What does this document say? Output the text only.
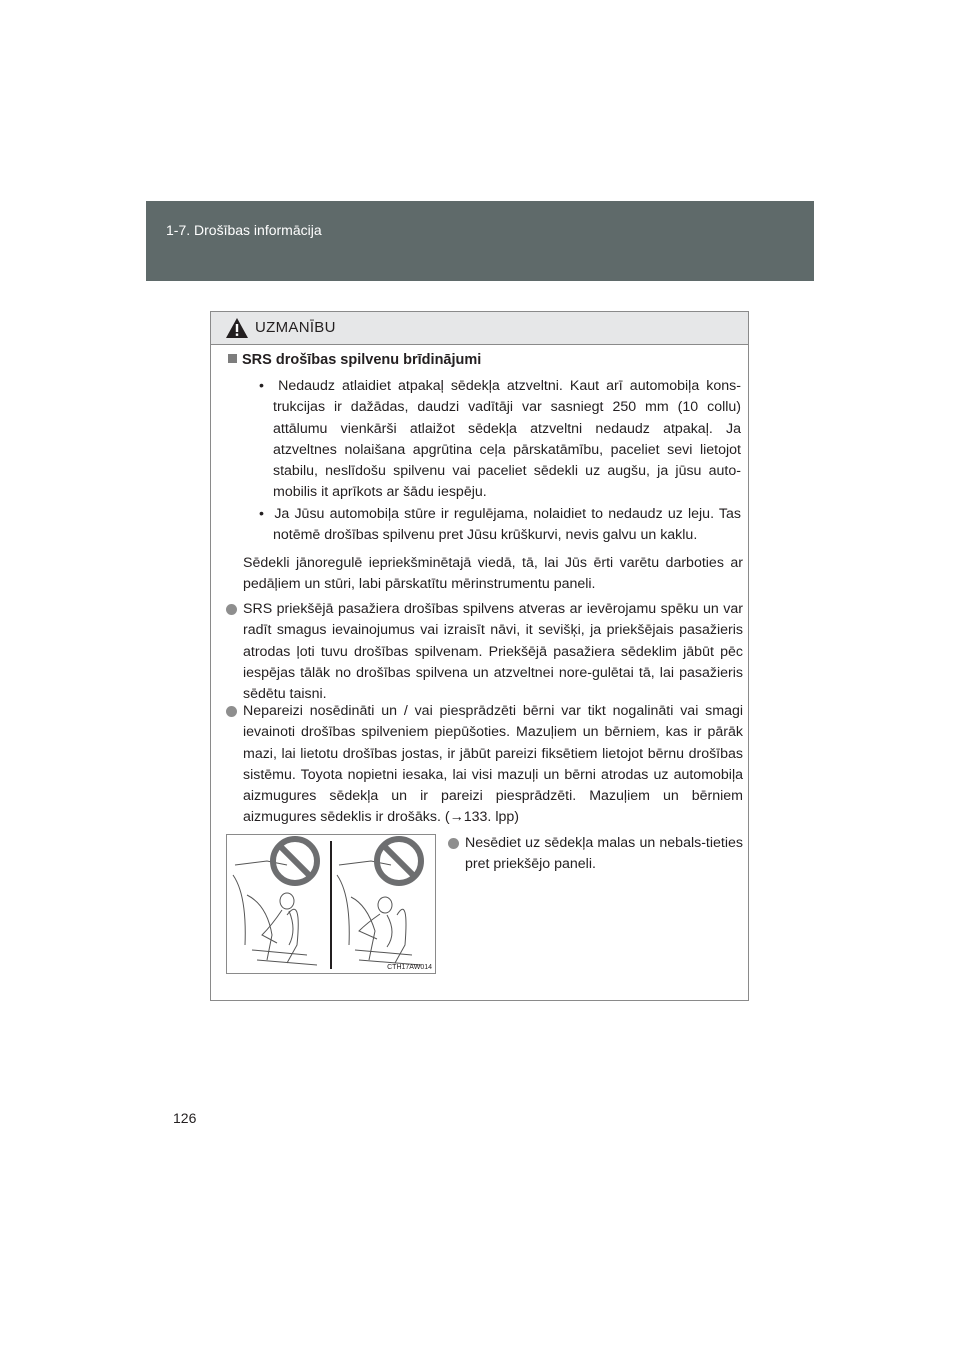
1-7. Drošības informācija
UZMANĪBU
SRS drošības spilvenu brīdinājumi
•  Nedaudz atlaidiet atpakaļ sēdekļa atzveltni. Kaut arī automobiļa kons-trukcijas ir dažādas, daudzi vadītāji var sasniegt 250 mm (10 collu) attālumu vienkārši atlaižot sēdekļa atzveltni nedaudz atpakaļ. Ja atzveltnes nolaišana apgrūtina ceļa pārskatāmību, paceliet sevi lietojot stabilu, neslīdošu spilvenu vai paceliet sēdekli uz augšu, ja jūsu auto-mobilis it aprīkots ar šādu iespēju.
•  Ja Jūsu automobiļa stūre ir regulējama, nolaidiet to nedaudz uz leju. Tas notēmē drošības spilvenu pret Jūsu krūškurvi, nevis galvu un kaklu.
Sēdekli jānoregulē iepriekšminētajā viedā, tā, lai Jūs ērti varētu darboties ar pedāļiem un stūri, labi pārskatītu mērinstrumentu paneli.
SRS priekšējā pasažiera drošības spilvens atveras ar ievērojamu spēku un var radīt smagus ievainojumus vai izraisīt nāvi, it sevišķi, ja priekšējais pasažieris atrodas ļoti tuvu drošības spilvenam. Priekšējā pasažiera sēdeklim jābūt pēc iespējas tālāk no drošības spilvena un atzveltnei nore-gulētai tā, lai pasažieris sēdētu taisni.
Nepareizi nosēdināti un / vai piesprādzēti bērni var tikt nogalināti vai smagi ievainoti drošības spilveniem piepūšoties. Mazuļiem un bērniem, kas ir pārāk mazi, lai lietotu drošības jostas, ir jābūt pareizi fiksētiem lietojot bērnu drošības sistēmu. Toyota nopietni iesaka, lai visi mazuļi un bērni atrodas uz automobiļa aizmugures sēdekļa un ir pareizi piesprādzēti. Mazuļiem un bērniem aizmugures sēdeklis ir drošāks. (→133. lpp)
CTH17AW014
Nesēdiet uz sēdekļa malas un nebals-tieties pret priekšējo paneli.
126
